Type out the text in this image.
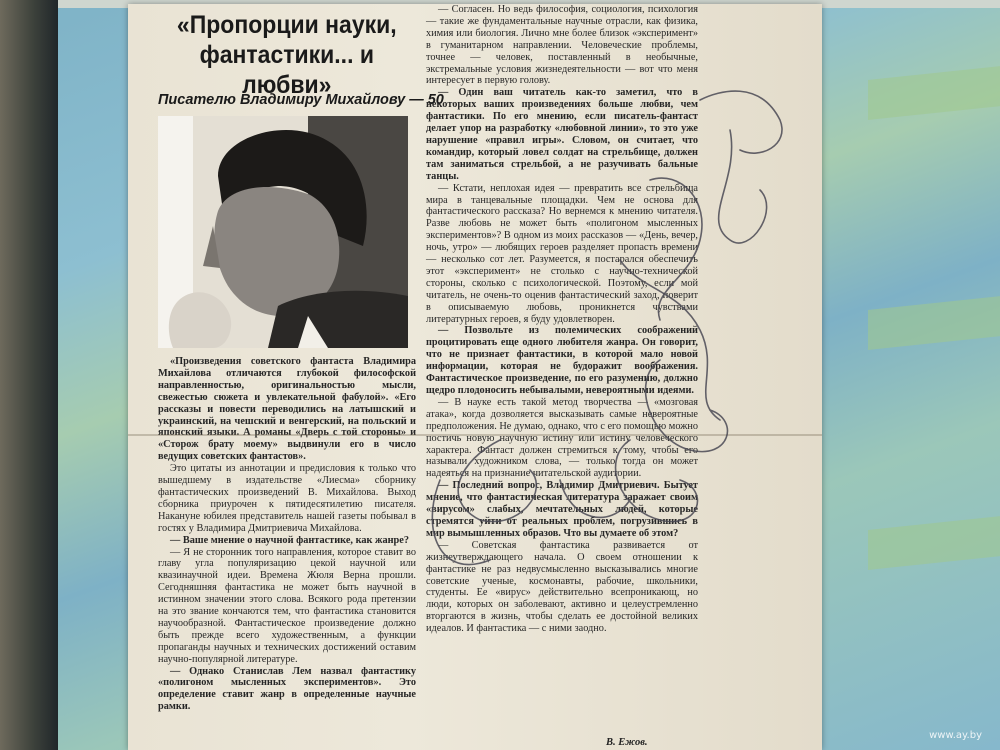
«Пропорции науки, фантастики... и любви»
Писателю Владимиру Михайлову — 50

«Произведения советского фантаста Владимира Михайлова отличаются глубокой философской направленностью, оригинальностью мысли, свежестью сюжета и увлекательной фабулой». «Его рассказы и повести переводились на латышский и украинский, на чешский и венгерский, на польский и японский языки. А романы «Дверь с той стороны» и «Сторож брату моему» выдвинули его в число ведущих советских фантастов».

Это цитаты из аннотации и предисловия к только что вышедшему в издательстве «Лиесма» сборнику фантастических произведений В. Михайлова. Выход сборника приурочен к пятидесятилетию писателя. Накануне юбилея представитель нашей газеты побывал в гостях у Владимира Дмитриевича Михайлова.

— Ваше мнение о научной фантастике, как жанре?

— Я не сторонник того направления, которое ставит во главу угла популяризацию цекой научной или квазинаучной идеи. Времена Жюля Верна прошли. Сегодняшняя фантастика не может быть научной в истинном значении этого слова. Всякого рода претензии на это звание кончаются тем, что фантастика становится научообразной. Фантастическое произведение должно быть прежде всего художественным, а функции пропаганды научных и технических достижений оставим научно-популярной литературе.

— Однако Станислав Лем назвал фантастику «полигоном мысленных экспериментов». Это определение ставит жанр в определенные научные рамки.

— Согласен. Но ведь философия, социология, психология — такие же фундаментальные научные отрасли, как физика, химия или биология. Лично мне более близок «эксперимент» в гуманитарном направлении. Человеческие проблемы, точнее — человек, поставленный в необычные, экстремальные условия жизнедеятельности — вот что меня интересует в первую голову.

— Один ваш читатель как-то заметил, что в некоторых ваших произведениях больше любви, чем фантастики. По его мнению, если писатель-фантаст делает упор на разработку «любовной линии», то это уже нарушение «правил игры». Словом, он считает, что командир, который ловел солдат на стрельбище, должен там заниматься стрельбой, а не разучивать бальные танцы.

— Кстати, неплохая идея — превратить все стрельбища мира в танцевальные площадки. Чем не основа для фантастического рассказа? Но вернемся к мнению читателя. Разве любовь не может быть «полигоном мысленных экспериментов»? В одном из моих рассказов — «День, вечер, ночь, утро» — любящих героев разделяет пропасть времени — несколько сот лет. Разумеется, я постарался обеспечить этот «эксперимент» не столько с научно-технической стороны, сколько с психологической. Поэтому, если мой читатель, не очень-то оценив фантастический заход, поверит в описываемую любовь, проникнется чувствами литературных героев, я буду удовлетворен.

— Позвольте из полемических соображений процитировать еще одного любителя жанра. Он говорит, что не признает фантастики, в которой мало новой информации, которая не будоражит воображения. Фантастическое произведение, по его разумению, должно щедро плодоносить небывалыми, невероятными идеями.

— В науке есть такой метод творчества — «мозговая атака», когда дозволяется высказывать самые невероятные предположения. Не думаю, однако, что с его помощью можно постичь новую научную истину или истину человеческого характера. Фантаст должен стремиться к тому, чтобы его называли художником слова, — только тогда он может надеяться на признание читательской аудитории.

— Последний вопрос, Владимир Дмитриевич. Бытует мнение, что фантастическая литература заражает своим «вирусом» слабых, мечтательных людей, которые стремятся уйти от реальных проблем, погрузившись в мир вымышленных образов. Что вы думаете об этом?

— Советская фантастика развивается от жизнеутверждающего начала. О своем отношении к фантастике не раз недвусмысленно высказывались многие советские ученые, космонавты, рабочие, школьники, студенты. Ее «вирус» действительно всепроникающ, но люди, которых он заболевают, активно и целеустремленно вторгаются в жизнь, чтобы сделать ее достойной великих идеалов. И фантастика — с ними заодно.

В. Ежов.
www.ay.by
